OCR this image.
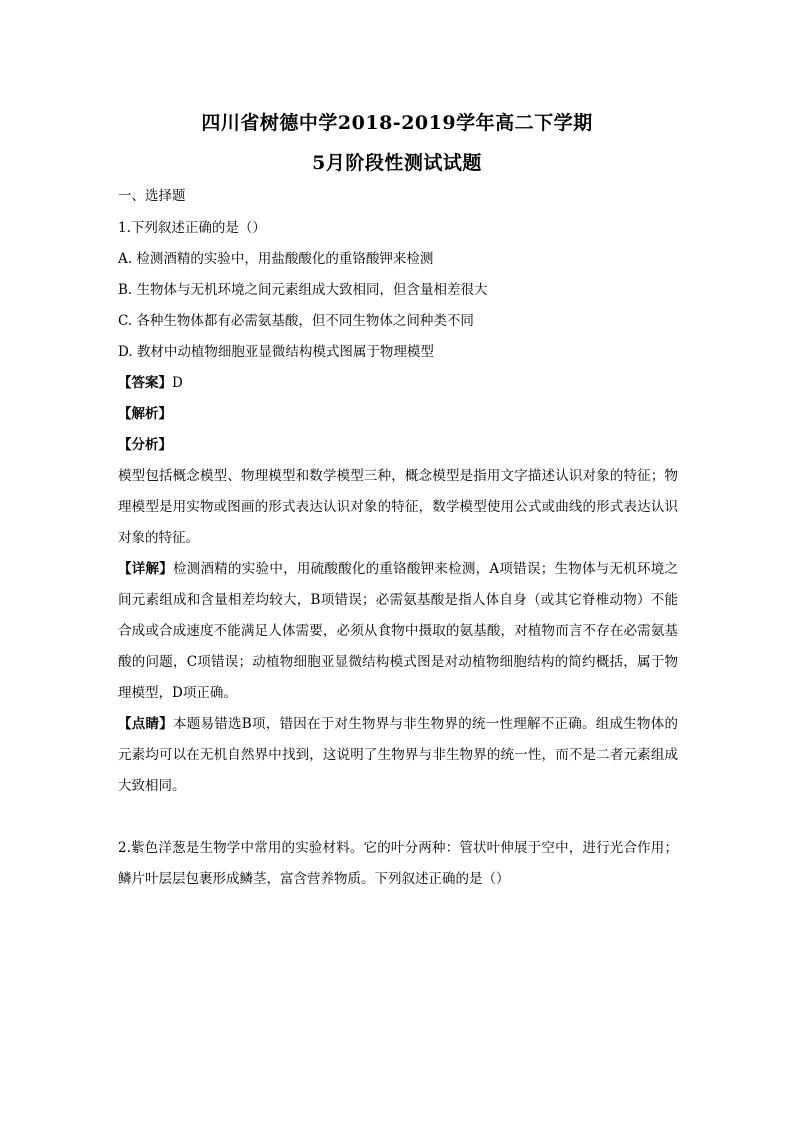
四川省树德中学2018-2019学年高二下学期
5月阶段性测试试题
一、选择题
1.下列叙述正确的是（）
A. 检测酒精的实验中，用盐酸酸化的重铬酸钾来检测
B. 生物体与无机环境之间元素组成大致相同，但含量相差很大
C. 各种生物体都有必需氨基酸，但不同生物体之间种类不同
D. 教材中动植物细胞亚显微结构模式图属于物理模型
【答案】D
【解析】
【分析】
模型包括概念模型、物理模型和数学模型三种，概念模型是指用文字描述认识对象的特征；物理模型是用实物或图画的形式表达认识对象的特征，数学模型使用公式或曲线的形式表达认识对象的特征。
【详解】检测酒精的实验中，用硫酸酸化的重铬酸钾来检测，A项错误；生物体与无机环境之间元素组成和含量相差均较大，B项错误；必需氨基酸是指人体自身（或其它脊椎动物）不能合成或合成速度不能满足人体需要，必须从食物中摄取的氨基酸，对植物而言不存在必需氨基酸的问题，C项错误；动植物细胞亚显微结构模式图是对动植物细胞结构的简约概括，属于物理模型，D项正确。
【点睛】本题易错选B项，错因在于对生物界与非生物界的统一性理解不正确。组成生物体的元素均可以在无机自然界中找到，这说明了生物界与非生物界的统一性，而不是二者元素组成大致相同。
2.紫色洋葱是生物学中常用的实验材料。它的叶分两种：管状叶伸展于空中，进行光合作用；鳞片叶层层包裹形成鳞茎，富含营养物质。下列叙述正确的是（）
